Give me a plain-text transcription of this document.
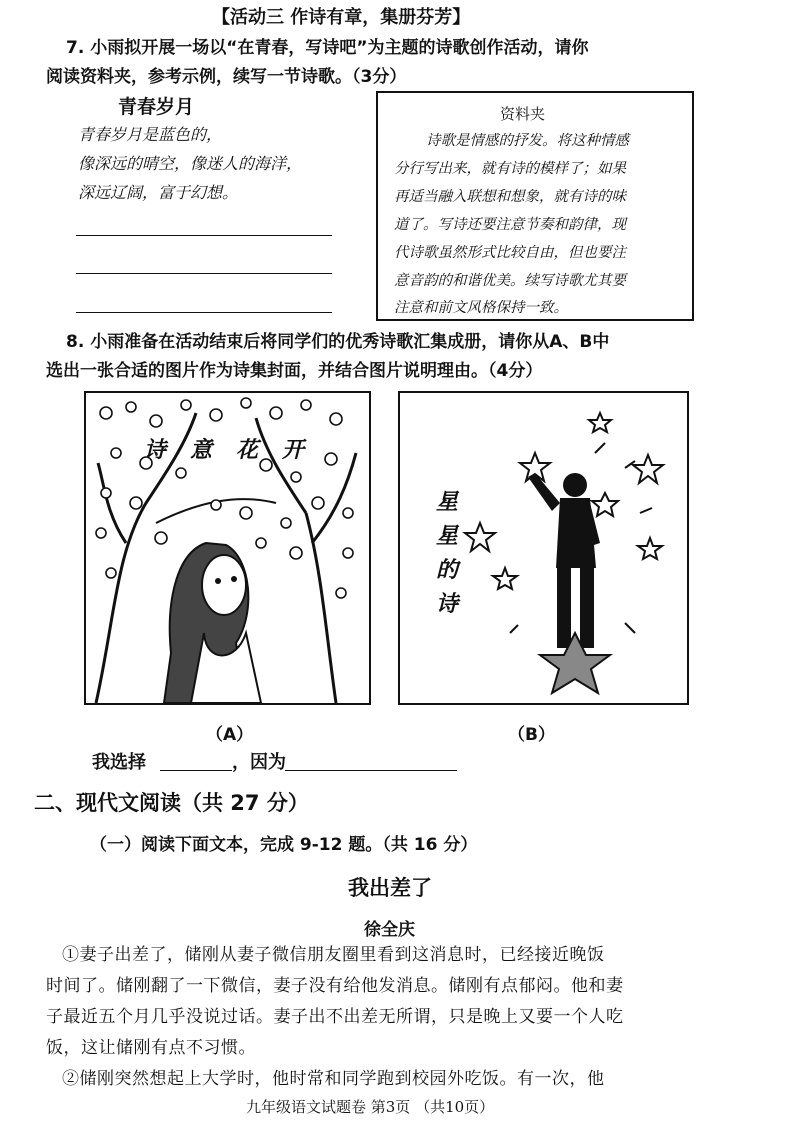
【活动三 作诗有章，集册芬芳】
7. 小雨拟开展一场以“在青春，写诗吧”为主题的诗歌创作活动，请你
阅读资料夹，参考示例，续写一节诗歌。（3分）
青春岁月
青春岁月是蓝色的，
像深远的晴空，像迷人的海洋，
深远辽阔，富于幻想。
资料夹
诗歌是情感的抒发。将这种情感
分行写出来，就有诗的模样了；如果
再适当融入联想和想象，就有诗的味
道了。写诗还要注意节奏和韵律，现
代诗歌虽然形式比较自由，但也要注
意音韵的和谐优美。续写诗歌尤其要
注意和前文风格保持一致。
8. 小雨准备在活动结束后将同学们的优秀诗歌汇集成册，请你从A、B中
选出一张合适的图片作为诗集封面，并结合图片说明理由。（4分）
诗意花开
（A）
星
星
的
诗
（B）
我选择	，因为
二、现代文阅读（共 27 分）
（一）阅读下面文本，完成 9-12 题。（共 16 分）
我出差了
徐全庆
①妻子出差了，储刚从妻子微信朋友圈里看到这消息时，已经接近晚饭
时间了。储刚翻了一下微信，妻子没有给他发消息。储刚有点郁闷。他和妻
子最近五个月几乎没说过话。妻子出不出差无所谓，只是晚上又要一个人吃
饭，这让储刚有点不习惯。
②储刚突然想起上大学时，他时常和同学跑到校园外吃饭。有一次，他
九年级语文试题卷 第3页 （共10页）
